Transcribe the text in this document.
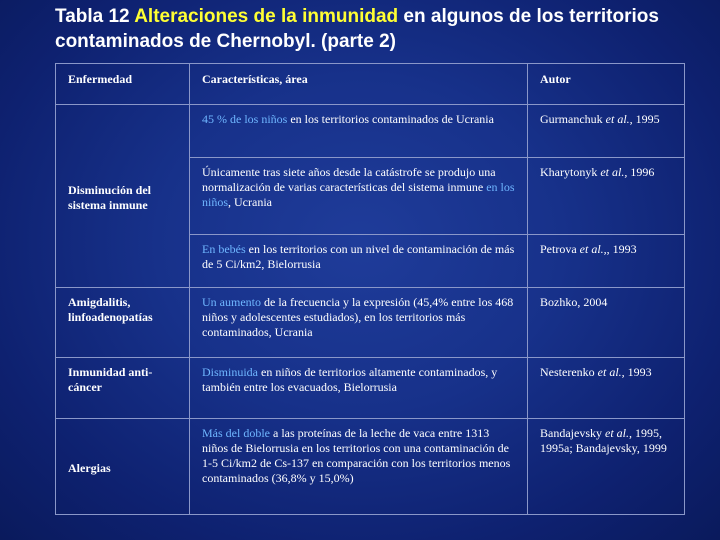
Tabla 12 Alteraciones de la inmunidad en algunos de los territorios contaminados de Chernobyl. (parte 2)
Enfermedad	Características, área	Autor
Disminución del sistema inmune	45 % de los niños en los territorios contaminados de Ucrania	Gurmanchuk et al., 1995
	Únicamente tras siete años desde la catástrofe se produjo una normalización de varias características del sistema inmune en los niños, Ucrania	Kharytonyk et al., 1996
	En bebés en los territorios con un nivel de contaminación de más de 5 Ci/km2, Bielorrusia	Petrova et al.,, 1993
Amigdalitis, linfoadenopatías	Un aumento de la frecuencia y la expresión (45,4% entre los 468 niños y adolescentes estudiados), en los territorios más contaminados, Ucrania	Bozhko, 2004
Inmunidad anti-cáncer	Disminuida en niños de territorios altamente contaminados, y también entre los evacuados, Bielorrusia	Nesterenko et al., 1993
Alergias	Más del doble a las proteínas de la leche de vaca entre 1313 niños de Bielorrusia en los territorios con una contaminación de 1-5 Ci/km2 de Cs-137 en comparación con los territorios menos contaminados (36,8% y 15,0%)	Bandajevsky et al., 1995, 1995a; Bandajevsky, 1999
